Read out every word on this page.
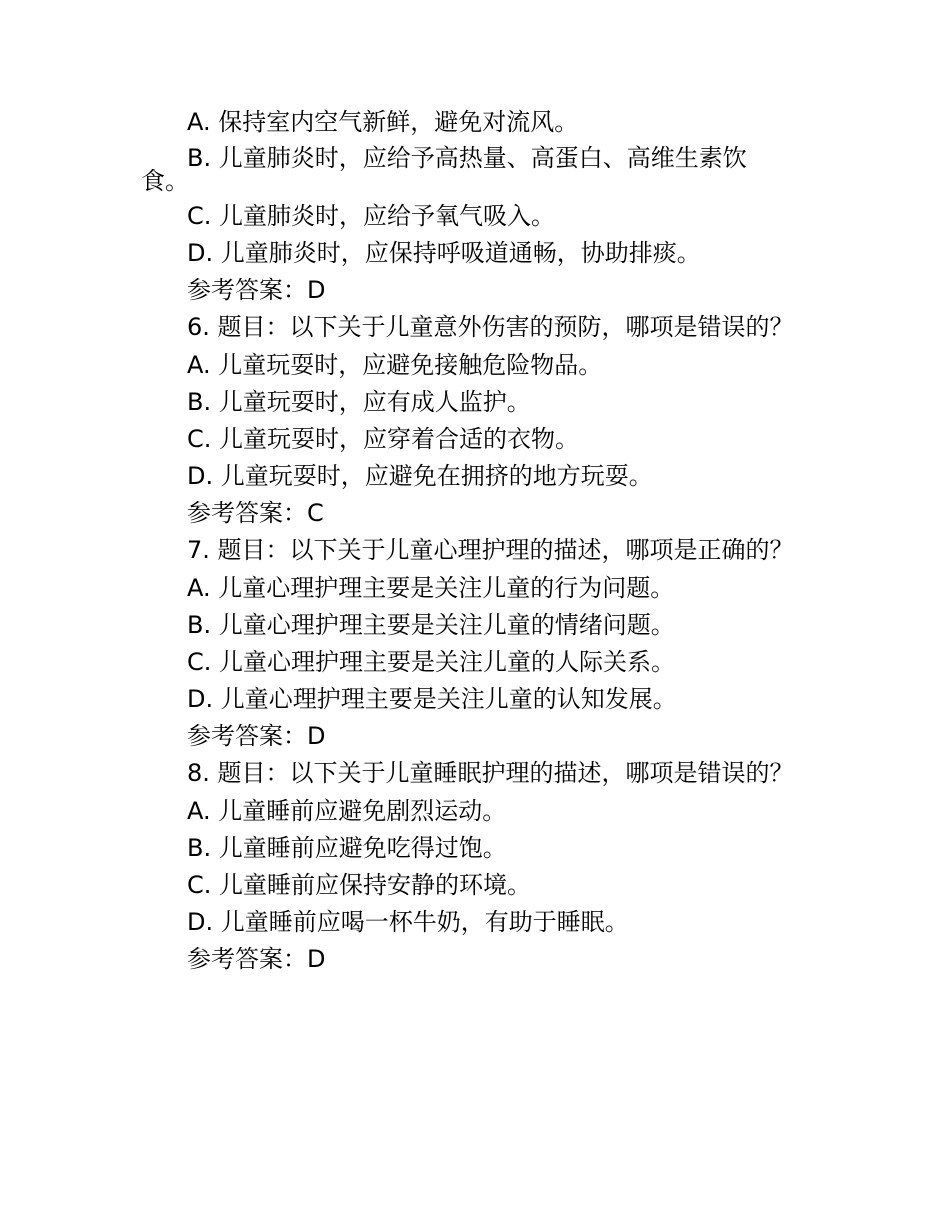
A. 保持室内空气新鲜，避免对流风。
B. 儿童肺炎时，应给予高热量、高蛋白、高维生素饮
食。
C. 儿童肺炎时，应给予氧气吸入。
D. 儿童肺炎时，应保持呼吸道通畅，协助排痰。
参考答案：D
6. 题目：以下关于儿童意外伤害的预防，哪项是错误的？
A. 儿童玩耍时，应避免接触危险物品。
B. 儿童玩耍时，应有成人监护。
C. 儿童玩耍时，应穿着合适的衣物。
D. 儿童玩耍时，应避免在拥挤的地方玩耍。
参考答案：C
7. 题目：以下关于儿童心理护理的描述，哪项是正确的？
A. 儿童心理护理主要是关注儿童的行为问题。
B. 儿童心理护理主要是关注儿童的情绪问题。
C. 儿童心理护理主要是关注儿童的人际关系。
D. 儿童心理护理主要是关注儿童的认知发展。
参考答案：D
8. 题目：以下关于儿童睡眠护理的描述，哪项是错误的？
A. 儿童睡前应避免剧烈运动。
B. 儿童睡前应避免吃得过饱。
C. 儿童睡前应保持安静的环境。
D. 儿童睡前应喝一杯牛奶，有助于睡眠。
参考答案：D
